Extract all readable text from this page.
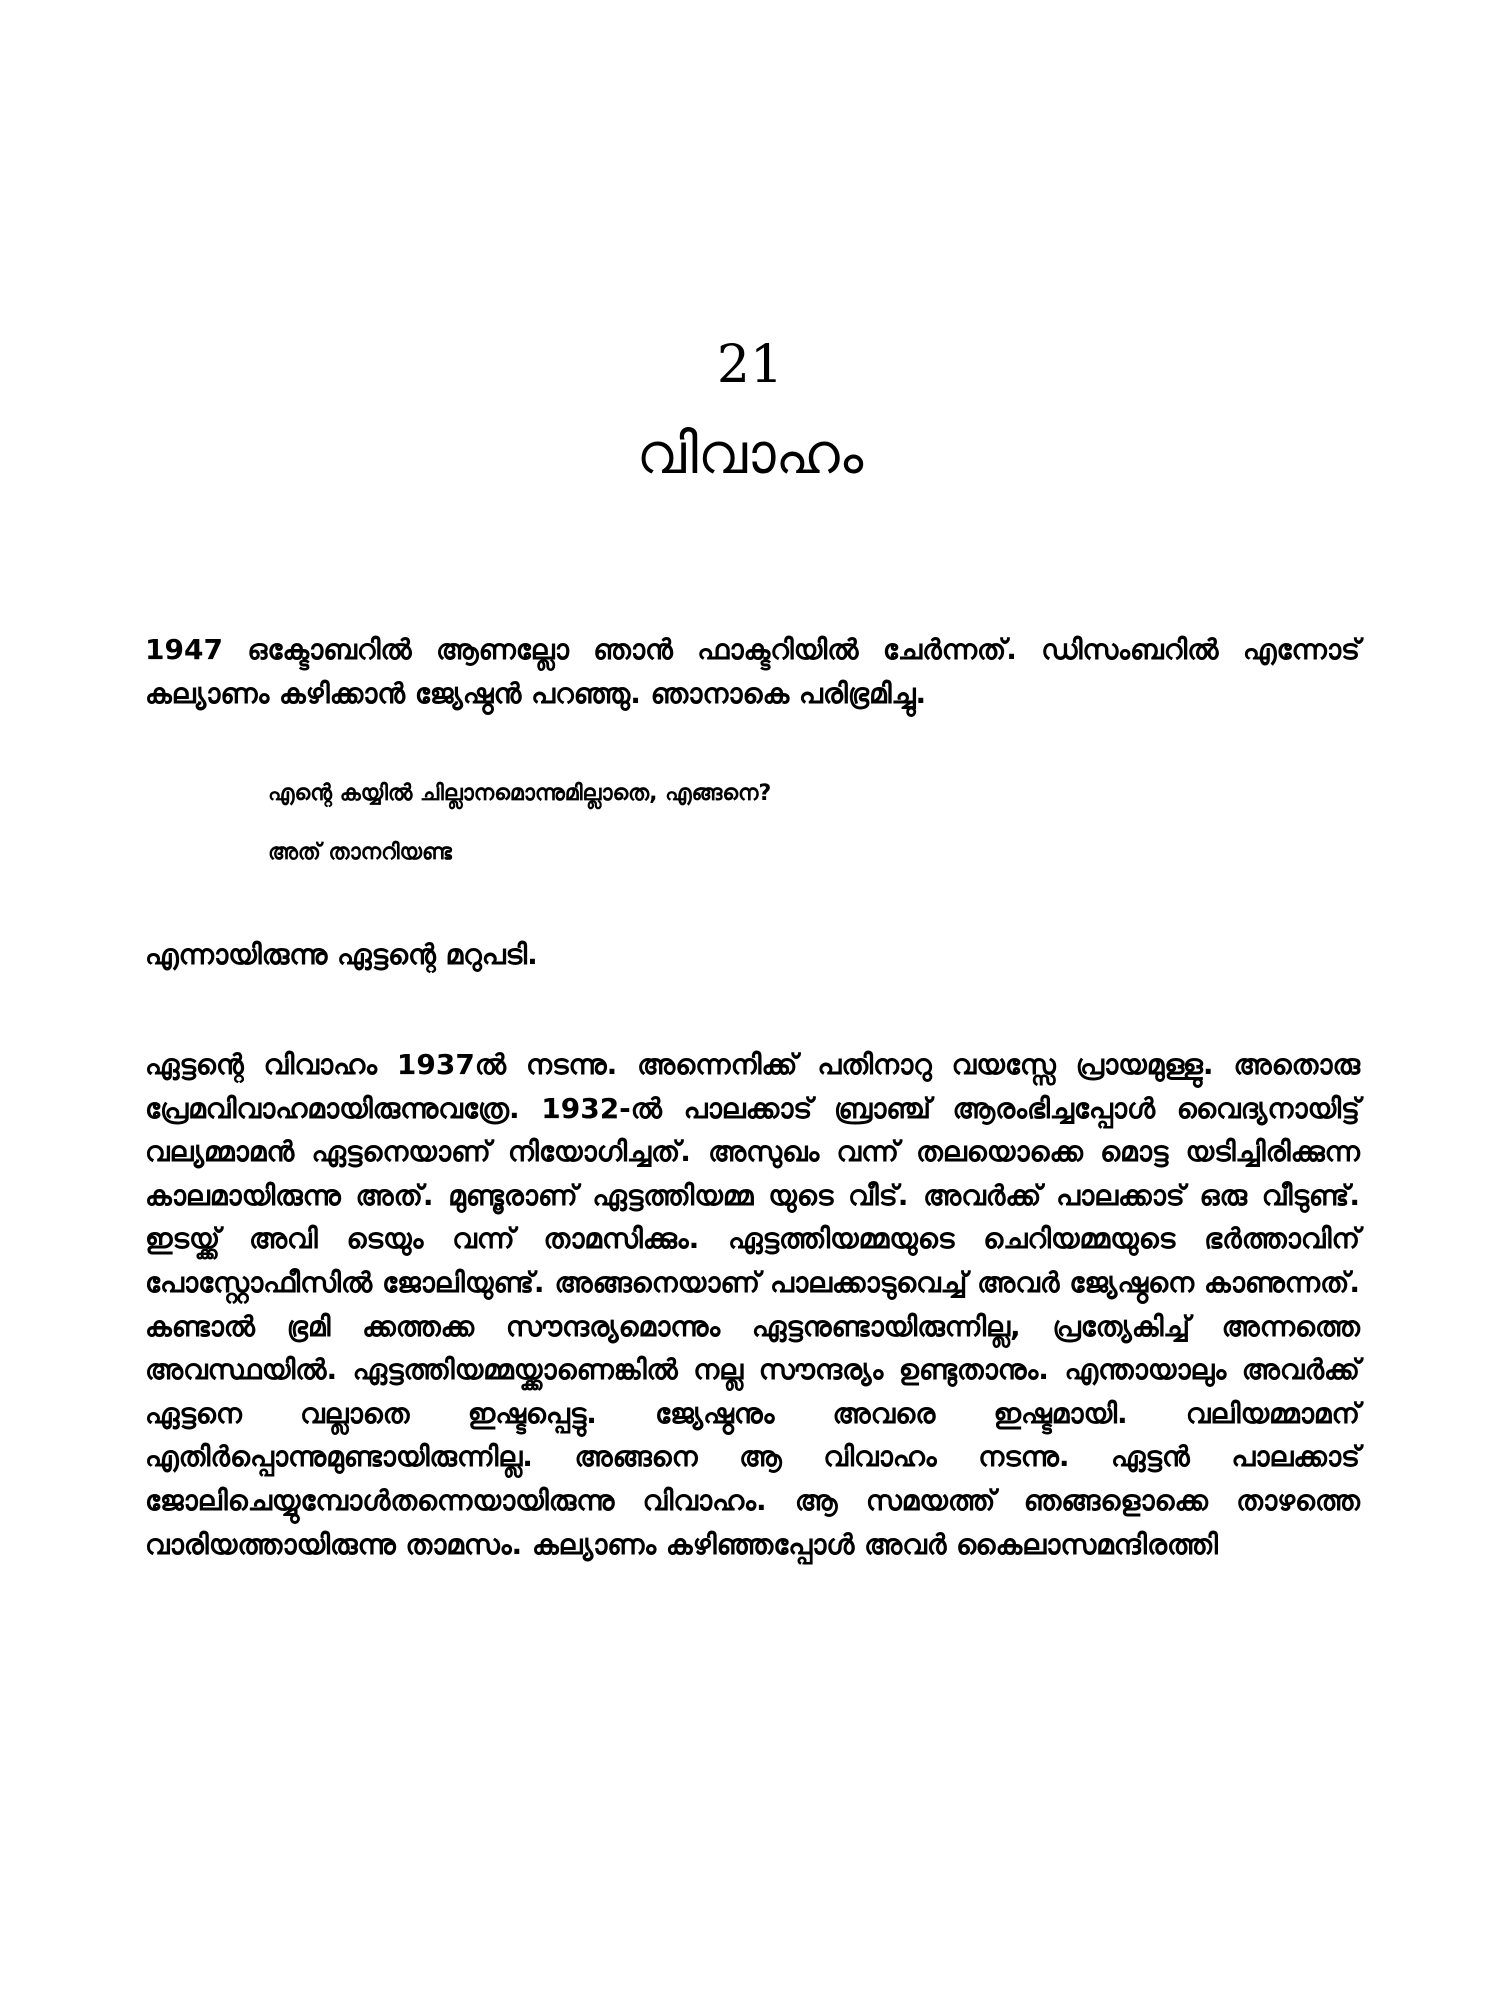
21
വിവാഹം

1947 ഒക്ടോബറിൽ ആണല്ലോ ഞാൻ ഫാക്ടറിയിൽ ചേർന്നത്. ഡിസംബറിൽ എന്നോട് കല്യാണം കഴിക്കാൻ ജ്യേഷ്ഠൻ പറഞ്ഞു. ഞാനാകെ പരിഭ്രമിച്ചു.

എന്റെ കയ്യിൽ ചില്ലാനമൊന്നുമില്ലാതെ, എങ്ങനെ?
അത് താനറിയണ്ട

എന്നായിരുന്നു ഏട്ടന്റെ മറുപടി.

ഏട്ടന്റെ വിവാഹം 1937ൽ നടന്നു. അന്നെനിക്ക് പതിനാറു വയസ്സേ പ്രായമുള്ളു. അതൊരു പ്രേമവിവാഹമായിരുന്നുവത്രേ. 1932-ൽ പാലക്കാട് ബ്രാഞ്ച് ആരംഭിച്ചപ്പോൾ വൈദ്യനായിട്ട് വല്യമ്മാമൻ ഏട്ടനെയാണ് നിയോഗിച്ചത്. അസുഖം വന്ന് തലയൊക്കെ മൊട്ട യടിച്ചിരിക്കുന്ന കാലമായിരുന്നു അത്. മുണ്ടൂരാണ് ഏട്ടത്തിയമ്മ യുടെ വീട്. അവർക്ക് പാലക്കാട് ഒരു വീടുണ്ട്. ഇടയ്ക്ക് അവി ടെയും വന്ന് താമസിക്കും. ഏട്ടത്തിയമ്മയുടെ ചെറിയമ്മയുടെ ഭർത്താവിന് പോസ്റ്റോഫീസിൽ ജോലിയുണ്ട്. അങ്ങനെയാണ് പാലക്കാടുവെച്ച് അവർ ജ്യേഷ്ഠനെ കാണുന്നത്. കണ്ടാൽ ഭ്രമി ക്കത്തക്ക സൗന്ദര്യമൊന്നും ഏട്ടനുണ്ടായിരുന്നില്ല, പ്രത്യേകിച്ച് അന്നത്തെ അവസ്ഥയിൽ. ഏട്ടത്തിയമ്മയ്ക്കാണെങ്കിൽ നല്ല സൗന്ദര്യം ഉണ്ടുതാനും. എന്തായാലും അവർക്ക് ഏട്ടനെ വല്ലാതെ ഇഷ്ടപ്പെട്ടു. ജ്യേഷ്ഠനും അവരെ ഇഷ്ടമായി. വലിയമ്മാമന് എതിർപ്പൊന്നുമുണ്ടായിരുന്നില്ല. അങ്ങനെ ആ വിവാഹം നടന്നു. ഏട്ടൻ പാലക്കാട് ജോലിചെയ്യുമ്പോൾതന്നെയായിരുന്നു വിവാഹം. ആ സമയത്ത് ഞങ്ങളൊക്കെ താഴത്തെ വാരിയത്തായിരുന്നു താമസം. കല്യാണം കഴിഞ്ഞപ്പോൾ അവർ കൈലാസമന്ദിരത്തി
